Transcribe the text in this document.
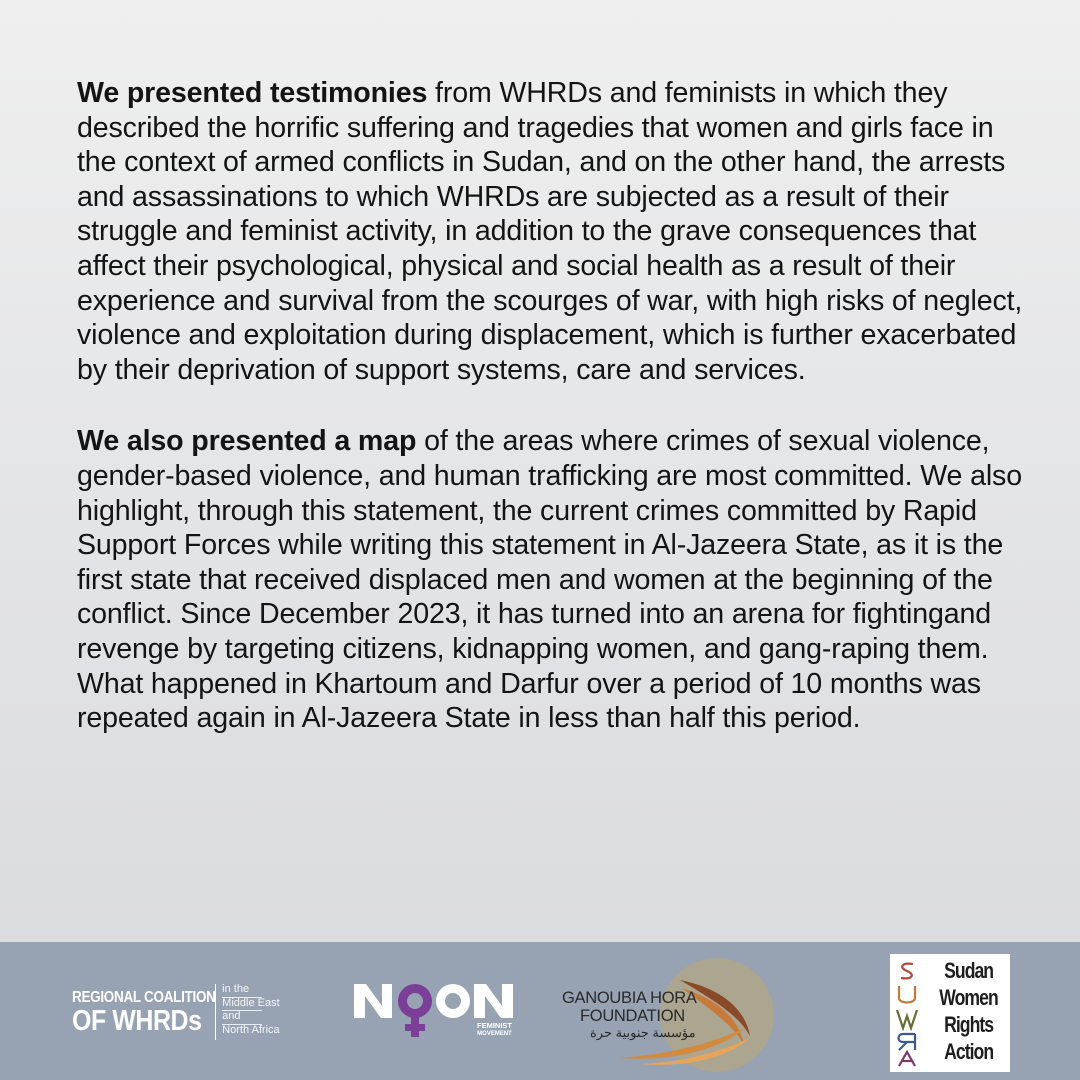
We presented testimonies from WHRDs and feminists in which they described the horrific suffering and tragedies that women and girls face in the context of armed conflicts in Sudan, and on the other hand, the arrests and assassinations to which WHRDs are subjected as a result of their struggle and feminist activity, in addition to the grave consequences that affect their psychological, physical and social health as a result of their experience and survival from the scourges of war, with high risks of neglect, violence and exploitation during displacement, which is further exacerbated by their deprivation of support systems, care and services.

We also presented a map of the areas where crimes of sexual violence, gender-based violence, and human trafficking are most committed. We also highlight, through this statement, the current crimes committed by Rapid Support Forces while writing this statement in Al-Jazeera State, as it is the first state that received displaced men and women at the beginning of the conflict. Since December 2023, it has turned into an arena for fightingand revenge by targeting citizens, kidnapping women, and gang-raping them. What happened in Khartoum and Darfur over a period of 10 months was repeated again in Al-Jazeera State in less than half this period.

REGIONAL COALITION
OF WHRDs
in the
Middle East
and
North Africa	FEMINIST
MOVEMENT
GANOUBIA HORA
FOUNDATION
مؤسسة جنوبية حرة
Sudan
Women
Rights
Action
